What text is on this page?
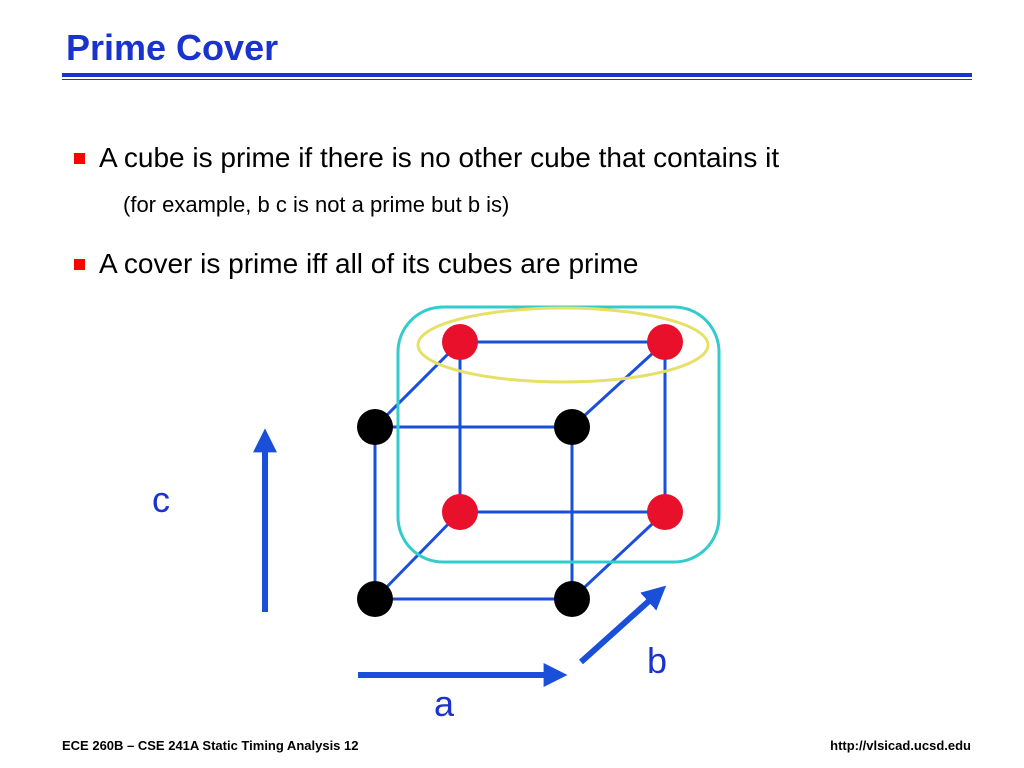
Prime Cover
A cube is prime if there is no other cube that contains it
(for example, b c is not a prime but b is)
A cover is prime iff all of its cubes are prime
c
b
a
ECE 260B – CSE 241A Static Timing Analysis 12	http://vlsicad.ucsd.edu
